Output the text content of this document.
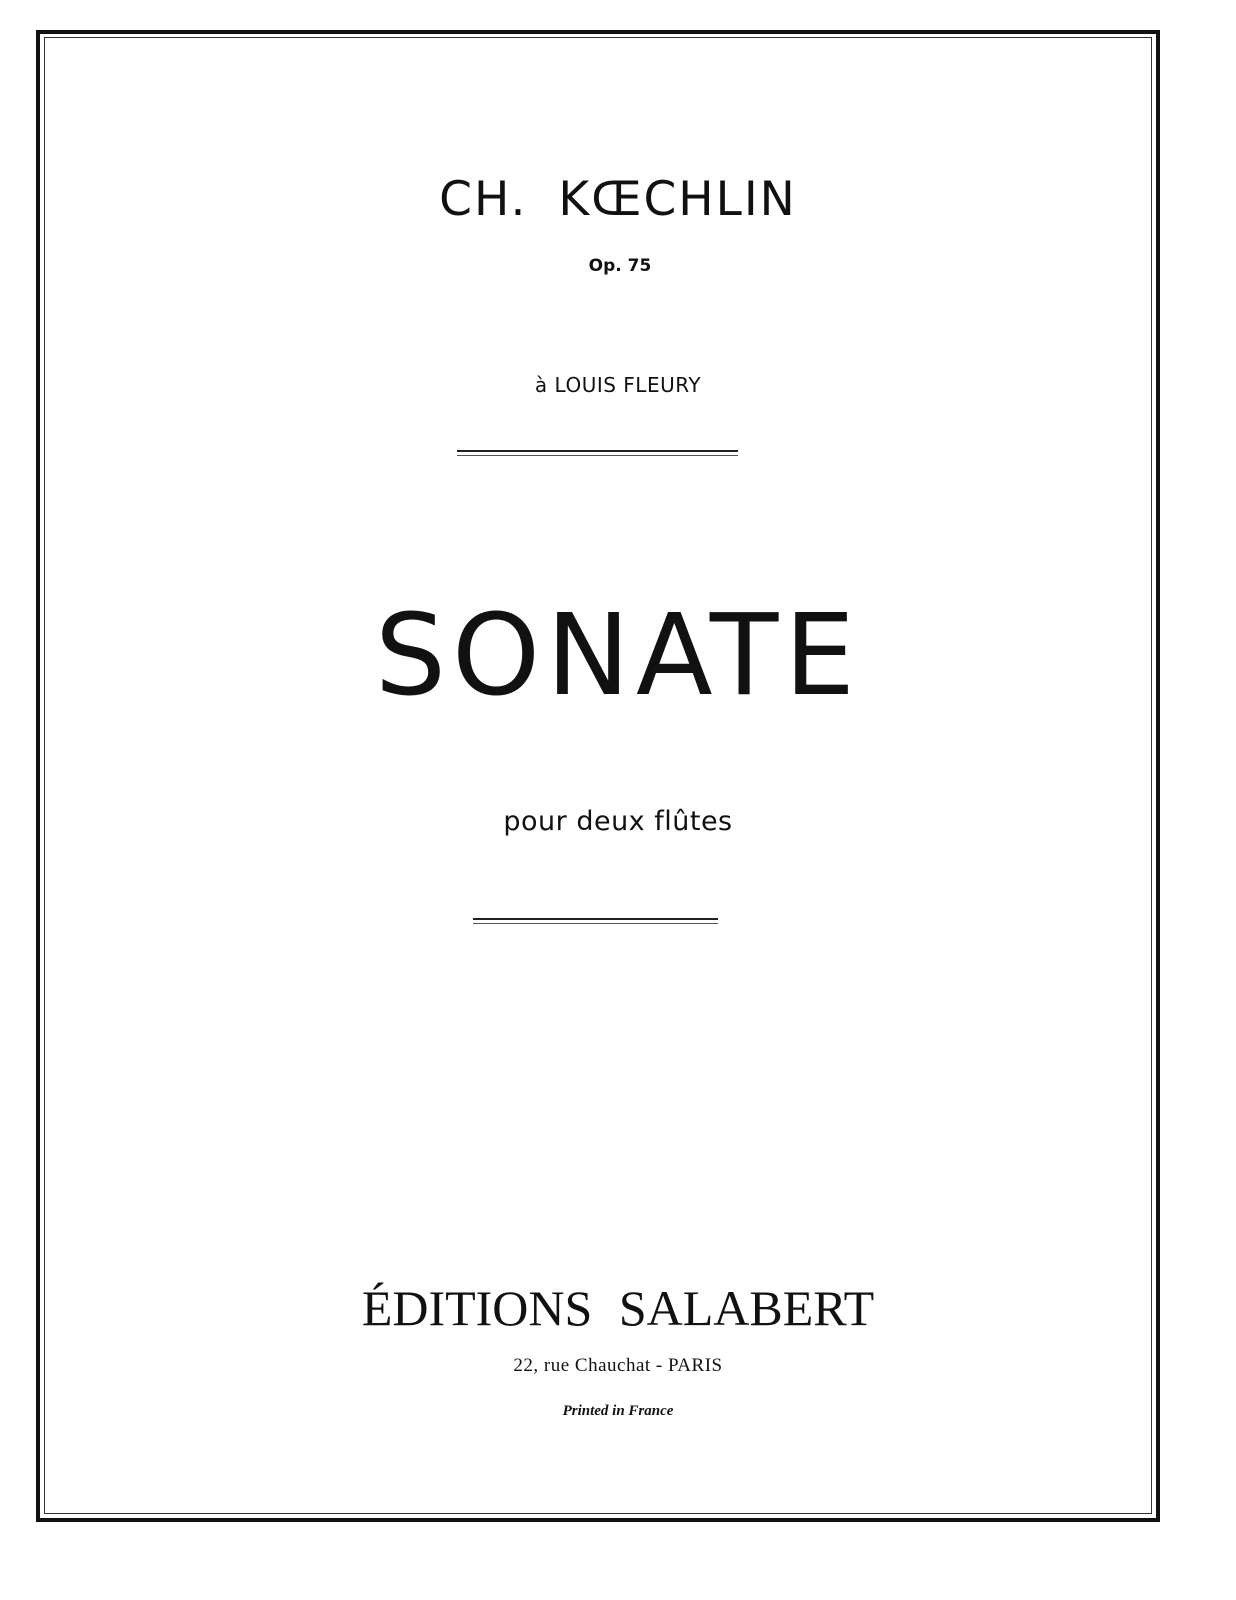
CH. KŒCHLIN
Op. 75
à LOUIS FLEURY
SONATE
pour deux flûtes
ÉDITIONS SALABERT
22, rue Chauchat - PARIS
Printed in France
